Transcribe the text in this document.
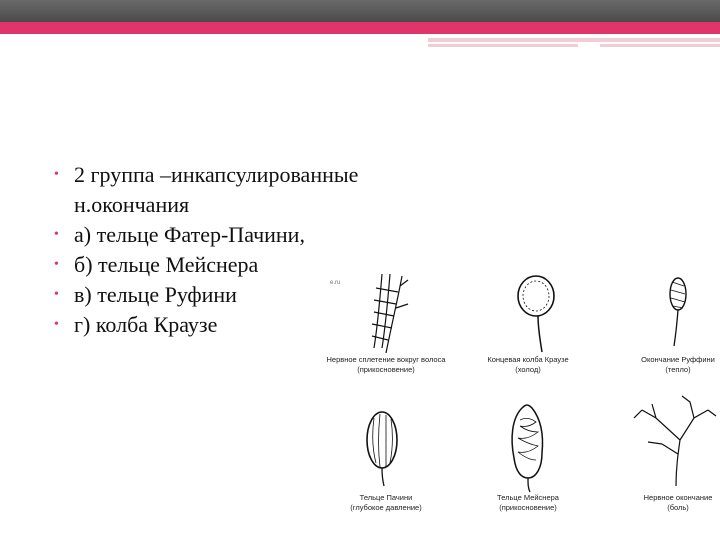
• 2 группа –инкапсулированные
н.окончания
• а) тельце Фатер-Пачини,
• б) тельце Мейснера
• в) тельце Руфини
• г) колба Краузе
e.ru
Нервное сплетение вокруг волоса
(прикосновение)
Концевая колба Краузе
(холод)
Окончание Руффини
(тепло)
Тельце Пачини
(глубокое давление)
Тельце Мейснера
(прикосновение)
Нервное окончание
(боль)
